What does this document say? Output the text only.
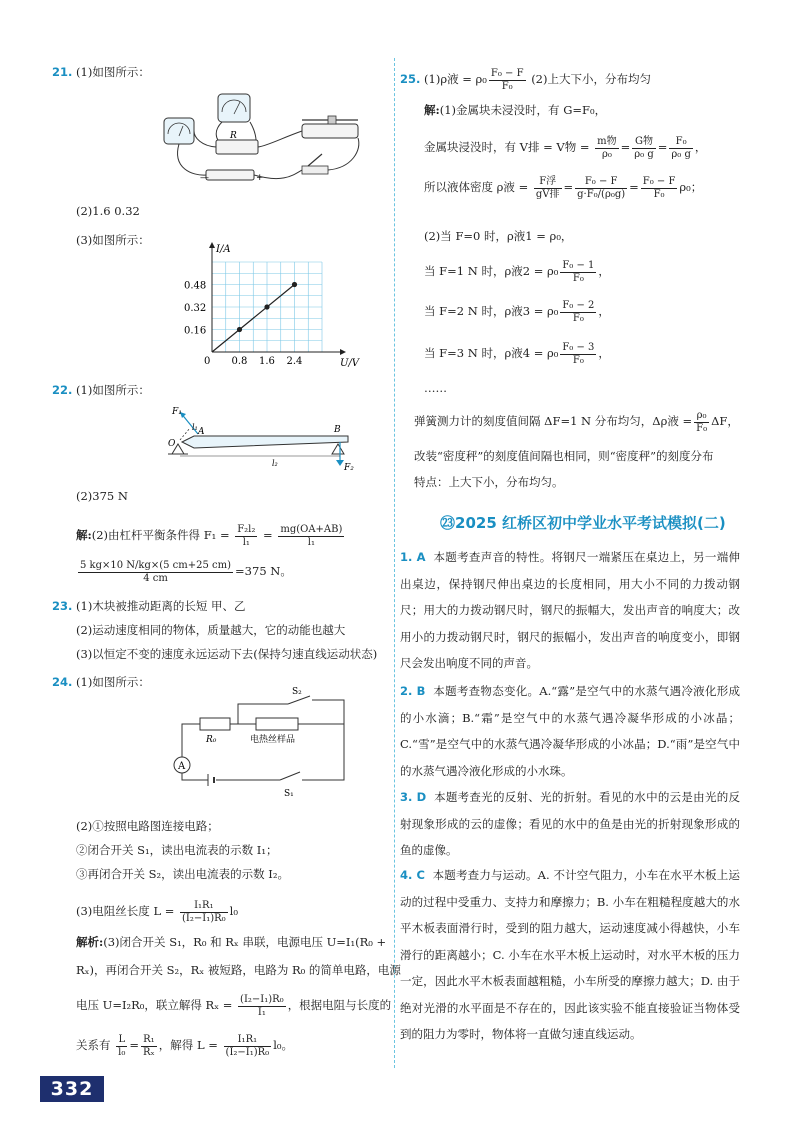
21. (1)如图所示：
R
—	+
(2)1.6 0.32
(3)如图所示：
U/V
I/A
0 0.8 1.6 2.4
0.16
0.32
0.48
22. (1)如图所示：
F₁
l₁
O
A	B
l₂	F₂
(2)375 N
解:(2)由杠杆平衡条件得 $F_1 = \frac{\text{F₂l₂}}{\text{l₁}} = \frac{mg(OA+AB)}{\text{l₁}}$
$\frac{5 kg\times 10 N/kg\times(5 cm+25 cm)}{4 cm} =375$ N。
23. (1)木块被推动距离的长短 甲、乙
(2)运动速度相同的物体，质量越大，它的动能也越大
(3)以恒定不变的速度永远运动下去(保持匀速直线运动状态)
24. (1)如图所示：
A
S₂
R₀	电热丝样品
S₁
(2)①按照电路图连接电路；
②闭合开关 S₁，读出电流表的示数 I₁；
③再闭合开关 S₂，读出电流表的示数 I₂。
(3)电阻丝长度 $L = \frac{\text{I₁R₁}}{\text{(I₂−I₁)R₀}} l_0$
解析:(3)闭合开关 S₁，R₀ 和 Rₓ 串联，电源电压 U=I₁(R₀ +
Rₓ)，再闭合开关 S₂，Rₓ 被短路，电路为 R₀ 的简单电路，电源
电压 U=I₂R₀，联立解得 $R_x = \frac{\text{(I₂−I₁)R₀}}{\text{I₁}}$ ，根据电阻与长度的
关系有 $\frac{L}{\text{l₀}} = \frac{\text{R₁}}{\text{Rₓ}}$ ，解得 $L = \frac{\text{I₁R₁}}{\text{(I₂−I₁)R₀}} l_0$。
25. (1)ρ液 = $\rho_0 \frac{\text{F₀ − F}}{\text{F₀}} (2)$上大下小，分布均匀
解:(1)金属块未浸没时，有 G=F₀，
金属块浸没时，有 V排 = V物 = $\frac{\text{m物}}{\text{ρ₀}} = \frac{\text{G物}}{\text{ρ₀ g}} = \frac{\text{F₀}}{\text{ρ₀ g}}$ ，
所以液体密度 ρ液 = $\frac{\text{F浮}}{\text{gV排}} = \frac{\text{F₀ − F}}{\text{g·F₀/(ρ₀g)}} = \frac{\text{F₀ − F}}{\text{F₀}} \rho_0$；
(2)当 F=0 时，ρ液1 = ρ₀，
当 F=1 N 时，ρ液$2 = \rho_0 \frac{\text{F₀ − 1}}{\text{F₀}}$ ，
当 F=2 N 时，ρ液$3 = \rho_0 \frac{\text{F₀ − 2}}{\text{F₀}}$ ，
当 F=3 N 时，ρ液$4 = \rho_0 \frac{\text{F₀ − 3}}{\text{F₀}}$ ，
……
弹簧测力计的刻度值间隔 ΔF=1 N 分布均匀，Δρ液 = $\frac{\text{ρ₀}}{\text{F₀}}$ ΔF，
改装“密度秤”的刻度值间隔也相同，则“密度秤”的刻度分布
特点：上大下小，分布均匀。
㉓2025 红桥区初中学业水平考试模拟(二)
1. A 本题考查声音的特性。将钢尺一端紧压在桌边上，另一端伸出桌边，保持钢尺伸出桌边的长度相同，用大小不同的力拨动钢尺；用大的力拨动钢尺时，钢尺的振幅大，发出声音的响度大；改用小的力拨动钢尺时，钢尺的振幅小，发出声音的响度变小，即钢尺会发出响度不同的声音。
2. B 本题考查物态变化。A.“露”是空气中的水蒸气遇冷液化形成的小水滴；B.“霜”是空气中的水蒸气遇冷凝华形成的小冰晶；C.“雪”是空气中的水蒸气遇冷凝华形成的小冰晶；D.“雨”是空气中的水蒸气遇冷液化形成的小水珠。
3. D 本题考查光的反射、光的折射。看见的水中的云是由光的反射现象形成的云的虚像；看见的水中的鱼是由光的折射现象形成的鱼的虚像。
4. C 本题考查力与运动。A. 不计空气阻力，小车在水平木板上运动的过程中受重力、支持力和摩擦力；B. 小车在粗糙程度越大的水平木板表面滑行时，受到的阻力越大，运动速度减小得越快，小车滑行的距离越小；C. 小车在水平木板上运动时，对水平木板的压力一定，因此水平木板表面越粗糙，小车所受的摩擦力越大；D. 由于绝对光滑的水平面是不存在的，因此该实验不能直接验证当物体受到的阻力为零时，物体将一直做匀速直线运动。
332
